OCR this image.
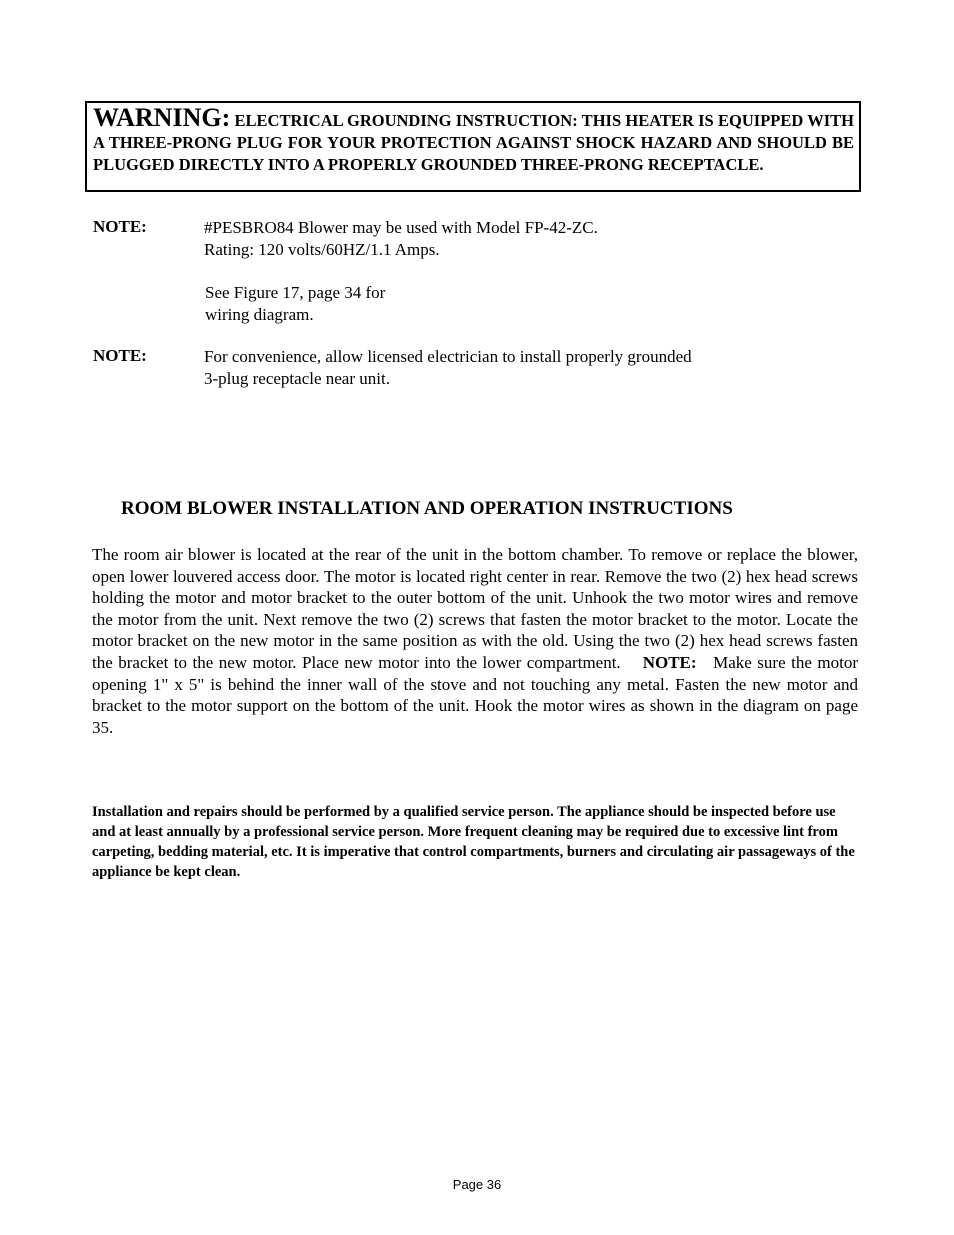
WARNING: ELECTRICAL GROUNDING INSTRUCTION: THIS HEATER IS EQUIPPED WITH A THREE-PRONG PLUG FOR YOUR PROTECTION AGAINST SHOCK HAZARD AND SHOULD BE PLUGGED DIRECTLY INTO A PROPERLY GROUNDED THREE-PRONG RECEPTACLE.
NOTE:	#PESBRO84 Blower may be used with Model FP-42-ZC.
Rating: 120 volts/60HZ/1.1 Amps.
See Figure 17, page 34 for
wiring diagram.
NOTE:	For convenience, allow licensed electrician to install properly grounded
3-plug receptacle near unit.
ROOM BLOWER INSTALLATION AND OPERATION INSTRUCTIONS
The room air blower is located at the rear of the unit in the bottom chamber. To remove or replace the blower, open lower louvered access door. The motor is located right center in rear. Remove the two (2) hex head screws holding the motor and motor bracket to the outer bottom of the unit. Unhook the two motor wires and remove the motor from the unit. Next remove the two (2) screws that fasten the motor bracket to the motor. Locate the motor bracket on the new motor in the same position as with the old. Using the two (2) hex head screws fasten the bracket to the new motor. Place new motor into the lower compartment. NOTE: Make sure the motor opening 1" x 5" is behind the inner wall of the stove and not touching any metal. Fasten the new motor and bracket to the motor support on the bottom of the unit. Hook the motor wires as shown in the diagram on page 35.
Installation and repairs should be performed by a qualified service person. The appliance should be inspected before use and at least annually by a professional service person. More frequent cleaning may be required due to excessive lint from carpeting, bedding material, etc. It is imperative that control compartments, burners and circulating air passageways of the appliance be kept clean.
Page 36
